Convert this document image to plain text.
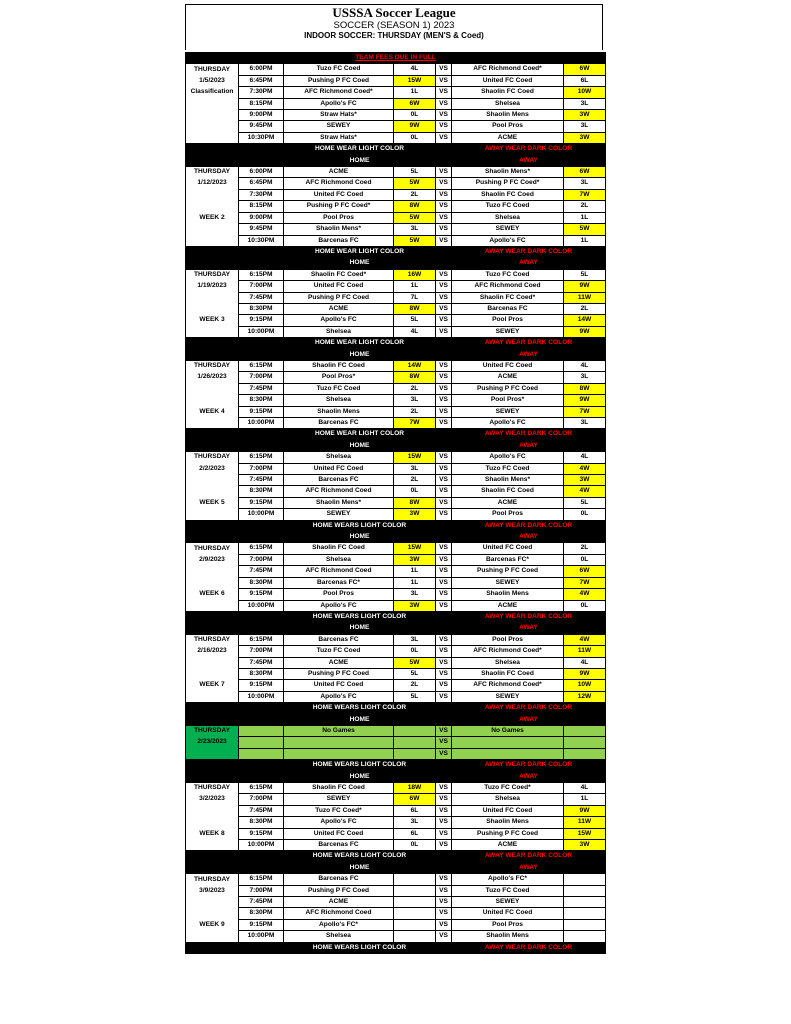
USSSA Soccer League
SOCCER (SEASON 1) 2023
INDOOR SOCCER: THURSDAY (MEN'S & Coed)
TEAM FEES DUE IN FULL						
THURSDAY	6:00PM	Tuzo FC Coed	4L	VS	AFC Richmond Coed*	6W
1/5/2023	6:45PM	Pushing P FC Coed	15W	VS	United FC Coed	6L
Classification	7:30PM	AFC Richmond Coed*	1L	VS	Shaolin FC Coed	10W
	8:15PM	Apollo's FC	6W	VS	Shelsea	3L
	9:00PM	Straw Hats*	0L	VS	Shaolin Mens	3W
	9:45PM	SEWEY	9W	VS	Pool Pros	3L
	10:30PM	Straw Hats*	0L	VS	ACME	3W
		HOME WEAR LIGHT COLOR			AWAY WEAR DARK COLOR	
		HOME			AWAY	
THURSDAY	6:00PM	ACME	5L	VS	Shaolin Mens*	6W
1/12/2023	6:45PM	AFC Richmond Coed	5W	VS	Pushing P FC Coed*	3L
	7:30PM	United FC Coed	2L	VS	Shaolin FC Coed	7W
	8:15PM	Pushing P FC Coed*	8W	VS	Tuzo FC Coed	2L
WEEK 2	9:00PM	Pool Pros	5W	VS	Shelsea	1L
	9:45PM	Shaolin Mens*	3L	VS	SEWEY	5W
	10:30PM	Barcenas FC	5W	VS	Apollo's FC	1L
		HOME WEAR LIGHT COLOR			AWAY WEAR DARK COLOR	
		HOME			AWAY	
THURSDAY	6:15PM	Shaolin FC Coed*	16W	VS	Tuzo FC Coed	5L
1/19/2023	7:00PM	United FC Coed	1L	VS	AFC Richmond Coed	9W
	7:45PM	Pushing P FC Coed	7L	VS	Shaolin FC Coed*	11W
	8:30PM	ACME	8W	VS	Barcenas FC	2L
WEEK 3	9:15PM	Apollo's FC	5L	VS	Pool Pros	14W
	10:00PM	Shelsea	4L	VS	SEWEY	9W
		HOME WEAR LIGHT COLOR			AWAY WEAR DARK COLOR	
		HOME			AWAY	
THURSDAY	6:15PM	Shaolin FC Coed	14W	VS	United FC Coed	4L
1/26/2023	7:00PM	Pool Pros*	8W	VS	ACME	3L
	7:45PM	Tuzo FC Coed	2L	VS	Pushing P FC Coed	8W
	8:30PM	Shelsea	3L	VS	Pool Pros*	9W
WEEK 4	9:15PM	Shaolin Mens	2L	VS	SEWEY	7W
	10:00PM	Barcenas FC	7W	VS	Apollo's FC	3L
		HOME WEAR LIGHT COLOR			AWAY WEAR DARK COLOR	
		HOME			AWAY	
THURSDAY	6:15PM	Shelsea	15W	VS	Apollo's FC	4L
2/2/2023	7:00PM	United FC Coed	3L	VS	Tuzo FC Coed	4W
	7:45PM	Barcenas FC	2L	VS	Shaolin Mens*	3W
	8:30PM	AFC Richmond Coed	0L	VS	Shaolin FC Coed	4W
WEEK 5	9:15PM	Shaolin Mens*	8W	VS	ACME	5L
	10:00PM	SEWEY	3W	VS	Pool Pros	0L
		HOME WEARS LIGHT COLOR			AWAY WEAR DARK COLOR	
		HOME			AWAY	
THURSDAY	6:15PM	Shaolin FC Coed	15W	VS	United FC Coed	2L
2/9/2023	7:00PM	Shelsea	3W	VS	Barcenas FC*	0L
	7:45PM	AFC Richmond Coed	1L	VS	Pushing P FC Coed	6W
	8:30PM	Barcenas FC*	1L	VS	SEWEY	7W
WEEK 6	9:15PM	Pool Pros	3L	VS	Shaolin Mens	4W
	10:00PM	Apollo's FC	3W	VS	ACME	0L
		HOME WEARS LIGHT COLOR			AWAY WEAR DARK COLOR	
		HOME			AWAY	
THURSDAY	6:15PM	Barcenas FC	3L	VS	Pool Pros	4W
2/16/2023	7:00PM	Tuzo FC Coed	0L	VS	AFC Richmond Coed*	11W
	7:45PM	ACME	5W	VS	Shelsea	4L
	8:30PM	Pushing P FC Coed	5L	VS	Shaolin FC Coed	9W
WEEK 7	9:15PM	United FC Coed	2L	VS	AFC Richmond Coed*	10W
	10:00PM	Apollo's FC	5L	VS	SEWEY	12W
		HOME WEARS LIGHT COLOR			AWAY WEAR DARK COLOR	
		HOME			AWAY	
THURSDAY		No Games		VS	No Games	
2/23/2023				VS		
				VS		
		HOME WEARS LIGHT COLOR			AWAY WEAR DARK COLOR	
		HOME			AWAY	
THURSDAY	6:15PM	Shaolin FC Coed	18W	VS	Tuzo FC Coed*	4L
3/2/2023	7:00PM	SEWEY	6W	VS	Shelsea	1L
	7:45PM	Tuzo FC Coed*	6L	VS	United FC Coed	9W
	8:30PM	Apollo's FC	3L	VS	Shaolin Mens	11W
WEEK 8	9:15PM	United FC Coed	6L	VS	Pushing P FC Coed	15W
	10:00PM	Barcenas FC	0L	VS	ACME	3W
		HOME WEARS LIGHT COLOR			AWAY WEAR DARK COLOR	
		HOME			AWAY	
THURSDAY	6:15PM	Barcenas FC		VS	Apollo's FC*	
3/9/2023	7:00PM	Pushing P FC Coed		VS	Tuzo FC Coed	
	7:45PM	ACME		VS	SEWEY	
	8:30PM	AFC Richmond Coed		VS	United FC Coed	
WEEK 9	9:15PM	Apollo's FC*		VS	Pool Pros	
	10:00PM	Shelsea		VS	Shaolin Mens	
		HOME WEARS LIGHT COLOR			AWAY WEAR DARK COLOR	
